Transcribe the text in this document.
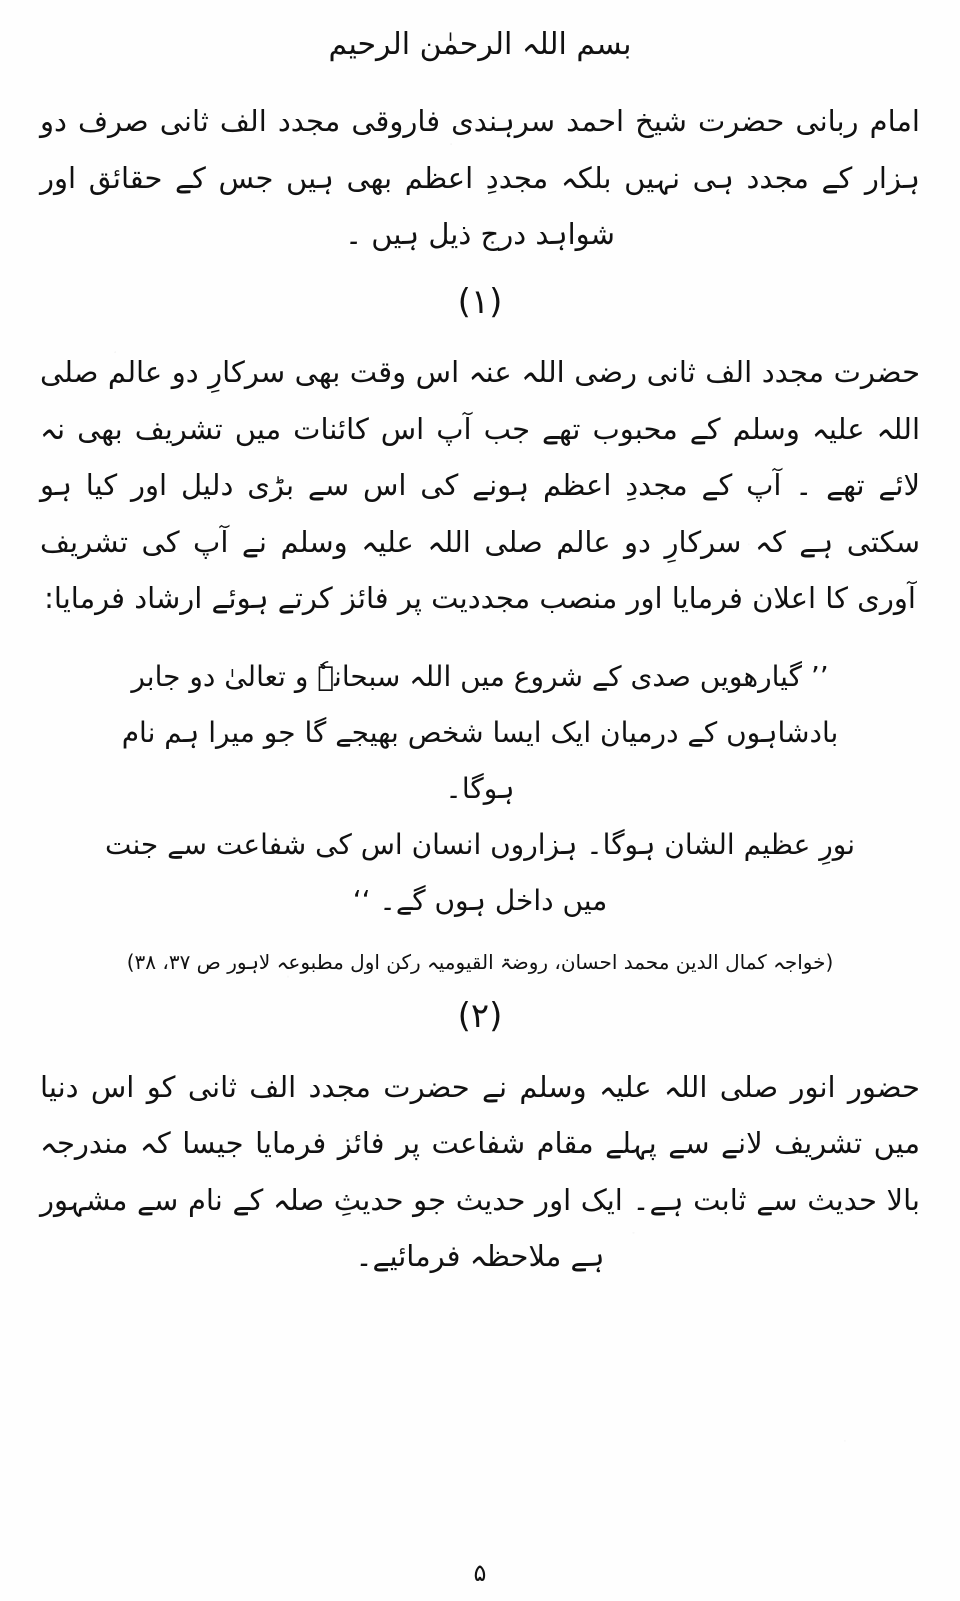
بسم اللہ الرحمٰن الرحیم
امام ربانی حضرت شیخ احمد سرہندی فاروقی مجدد الف ثانی صرف دو ہزار کے مجدد ہی نہیں بلکہ مجددِ اعظم بھی ہیں جس کے حقائق اور شواہد درج ذیل ہیں ۔
(۱)
حضرت مجدد الف ثانی رضی اللہ عنہ اس وقت بھی سرکارِ دو عالم صلی اللہ علیہ وسلم کے محبوب تھے جب آپ اس کائنات میں تشریف بھی نہ لائے تھے ۔ آپ کے مجددِ اعظم ہونے کی اس سے بڑی دلیل اور کیا ہو سکتی ہے کہ سرکارِ دو عالم صلی اللہ علیہ وسلم نے آپ کی تشریف آوری کا اعلان فرمایا اور منصب مجددیت پر فائز کرتے ہوئے ارشاد فرمایا:
’’ گیارھویں صدی کے شروع میں اللہ سبحانہٗ و تعالیٰ دو جابر
بادشاہوں کے درمیان ایک ایسا شخص بھیجے گا جو میرا ہم نام ہوگا۔
نورِ عظیم الشان ہوگا۔ ہزاروں انسان اس کی شفاعت سے جنت
میں داخل ہوں گے۔ ‘‘
(خواجہ کمال الدین محمد احسان، روضۃ القیومیہ رکن اول مطبوعہ لاہور ص ۳۷، ۳۸)
(۲)
حضور انور صلی اللہ علیہ وسلم نے حضرت مجدد الف ثانی کو اس دنیا میں تشریف لانے سے پہلے مقام شفاعت پر فائز فرمایا جیسا کہ مندرجہ بالا حدیث سے ثابت ہے۔ ایک اور حدیث جو حدیثِ صلہ کے نام سے مشہور ہے ملاحظہ فرمائیے۔
۵
